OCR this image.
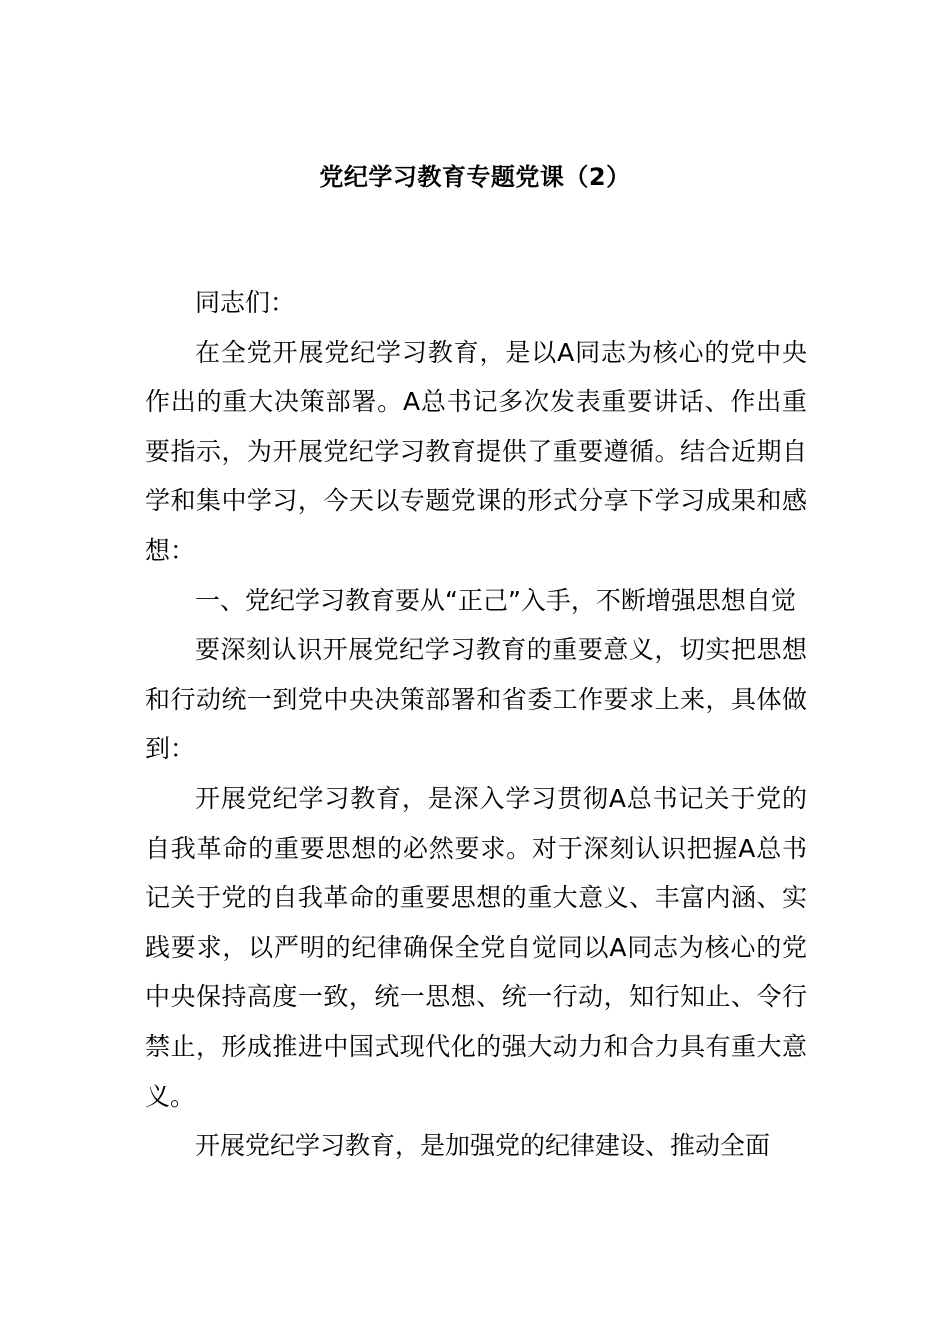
党纪学习教育专题党课（2）

同志们：

在全党开展党纪学习教育，是以A同志为核心的党中央作出的重大决策部署。A总书记多次发表重要讲话、作出重要指示，为开展党纪学习教育提供了重要遵循。结合近期自学和集中学习，今天以专题党课的形式分享下学习成果和感想：

一、党纪学习教育要从“正己”入手，不断增强思想自觉

要深刻认识开展党纪学习教育的重要意义，切实把思想和行动统一到党中央决策部署和省委工作要求上来，具体做到：

开展党纪学习教育，是深入学习贯彻A总书记关于党的自我革命的重要思想的必然要求。对于深刻认识把握A总书记关于党的自我革命的重要思想的重大意义、丰富内涵、实践要求，以严明的纪律确保全党自觉同以A同志为核心的党中央保持高度一致，统一思想、统一行动，知行知止、令行禁止，形成推进中国式现代化的强大动力和合力具有重大意义。

开展党纪学习教育，是加强党的纪律建设、推动全面
